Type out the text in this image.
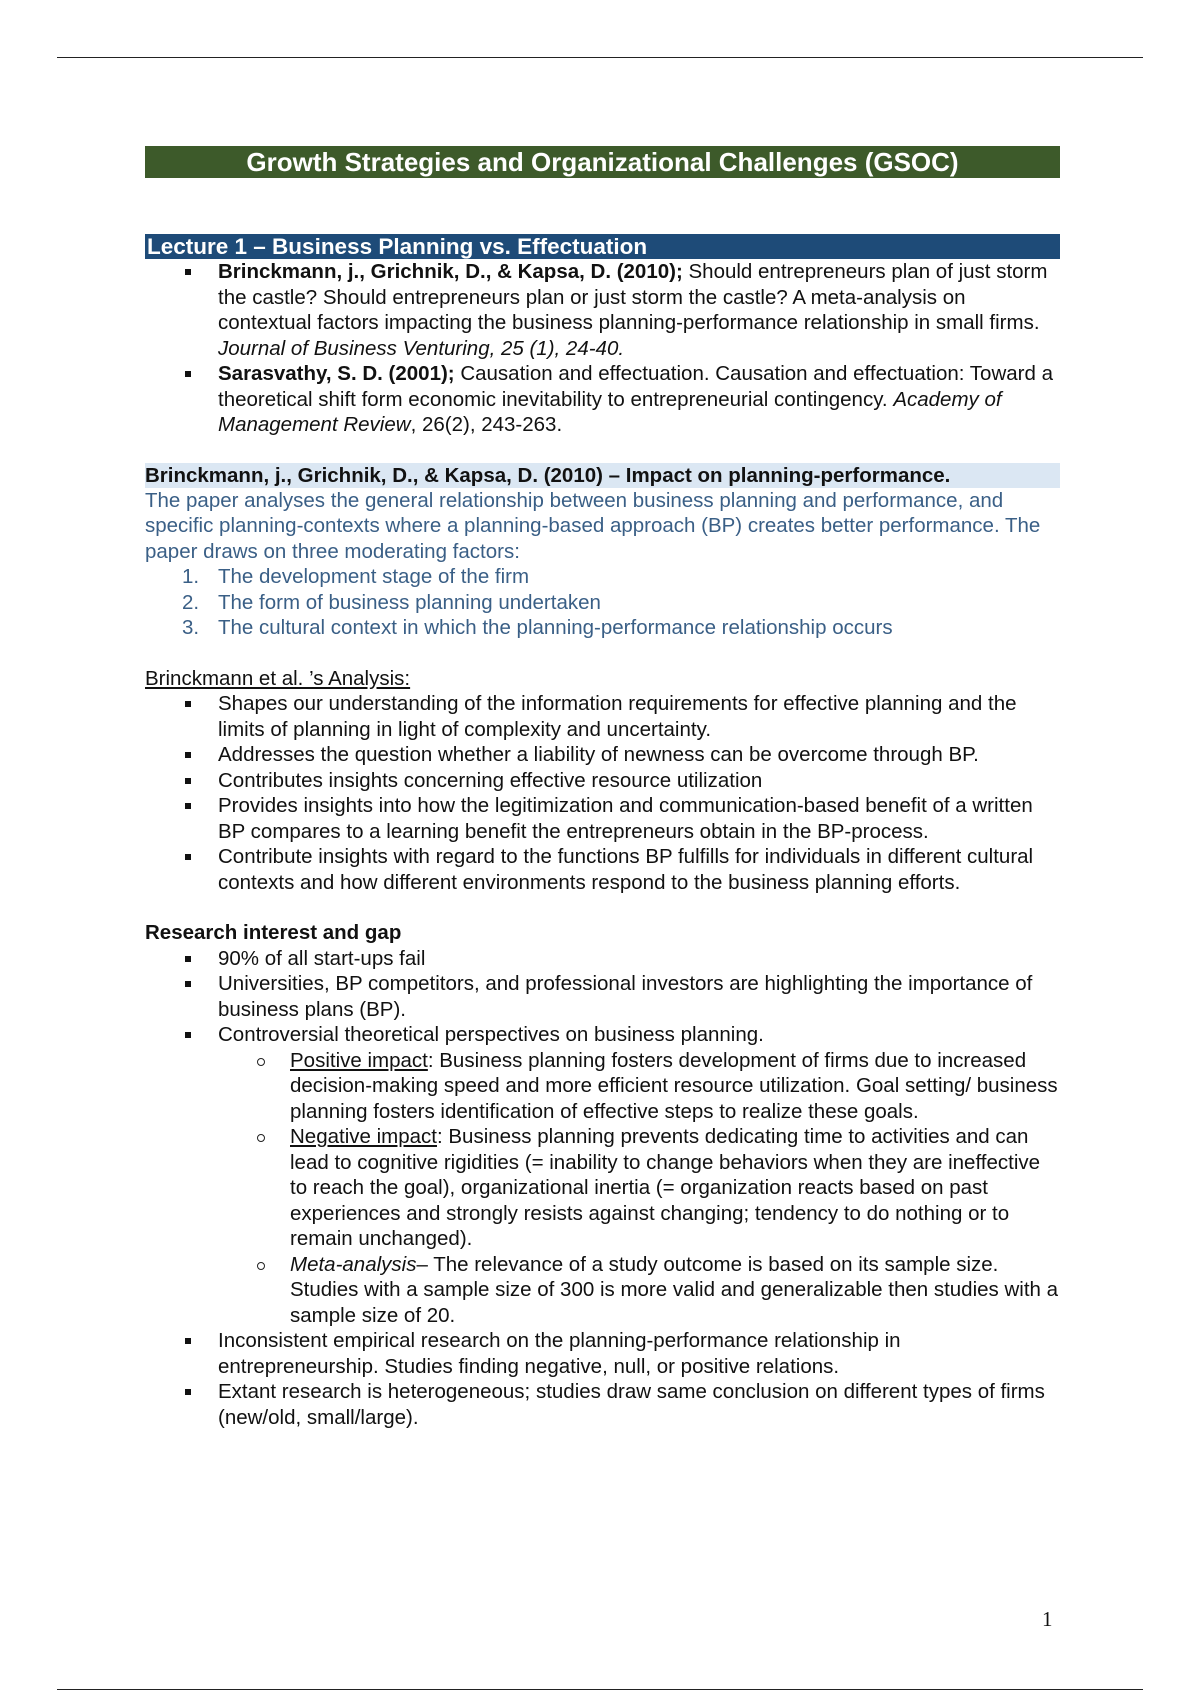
Growth Strategies and Organizational Challenges (GSOC)
Lecture 1 – Business Planning vs. Effectuation
Brinckmann, j., Grichnik, D., & Kapsa, D. (2010); Should entrepreneurs plan of just storm the castle? Should entrepreneurs plan or just storm the castle? A meta-analysis on contextual factors impacting the business planning-performance relationship in small firms. Journal of Business Venturing, 25 (1), 24-40.
Sarasvathy, S. D. (2001); Causation and effectuation. Causation and effectuation: Toward a theoretical shift form economic inevitability to entrepreneurial contingency. Academy of Management Review, 26(2), 243-263.
Brinckmann, j., Grichnik, D., & Kapsa, D. (2010) – Impact on planning-performance.
The paper analyses the general relationship between business planning and performance, and specific planning-contexts where a planning-based approach (BP) creates better performance. The paper draws on three moderating factors:
1. The development stage of the firm
2. The form of business planning undertaken
3. The cultural context in which the planning-performance relationship occurs
Brinckmann et al. ’s Analysis:
Shapes our understanding of the information requirements for effective planning and the limits of planning in light of complexity and uncertainty.
Addresses the question whether a liability of newness can be overcome through BP.
Contributes insights concerning effective resource utilization
Provides insights into how the legitimization and communication-based benefit of a written BP compares to a learning benefit the entrepreneurs obtain in the BP-process.
Contribute insights with regard to the functions BP fulfills for individuals in different cultural contexts and how different environments respond to the business planning efforts.
Research interest and gap
90% of all start-ups fail
Universities, BP competitors, and professional investors are highlighting the importance of business plans (BP).
Controversial theoretical perspectives on business planning.
Positive impact: Business planning fosters development of firms due to increased decision-making speed and more efficient resource utilization. Goal setting/ business planning fosters identification of effective steps to realize these goals.
Negative impact: Business planning prevents dedicating time to activities and can lead to cognitive rigidities (= inability to change behaviors when they are ineffective to reach the goal), organizational inertia (= organization reacts based on past experiences and strongly resists against changing; tendency to do nothing or to remain unchanged).
Meta-analysis– The relevance of a study outcome is based on its sample size. Studies with a sample size of 300 is more valid and generalizable then studies with a sample size of 20.
Inconsistent empirical research on the planning-performance relationship in entrepreneurship. Studies finding negative, null, or positive relations.
Extant research is heterogeneous; studies draw same conclusion on different types of firms (new/old, small/large).
1
